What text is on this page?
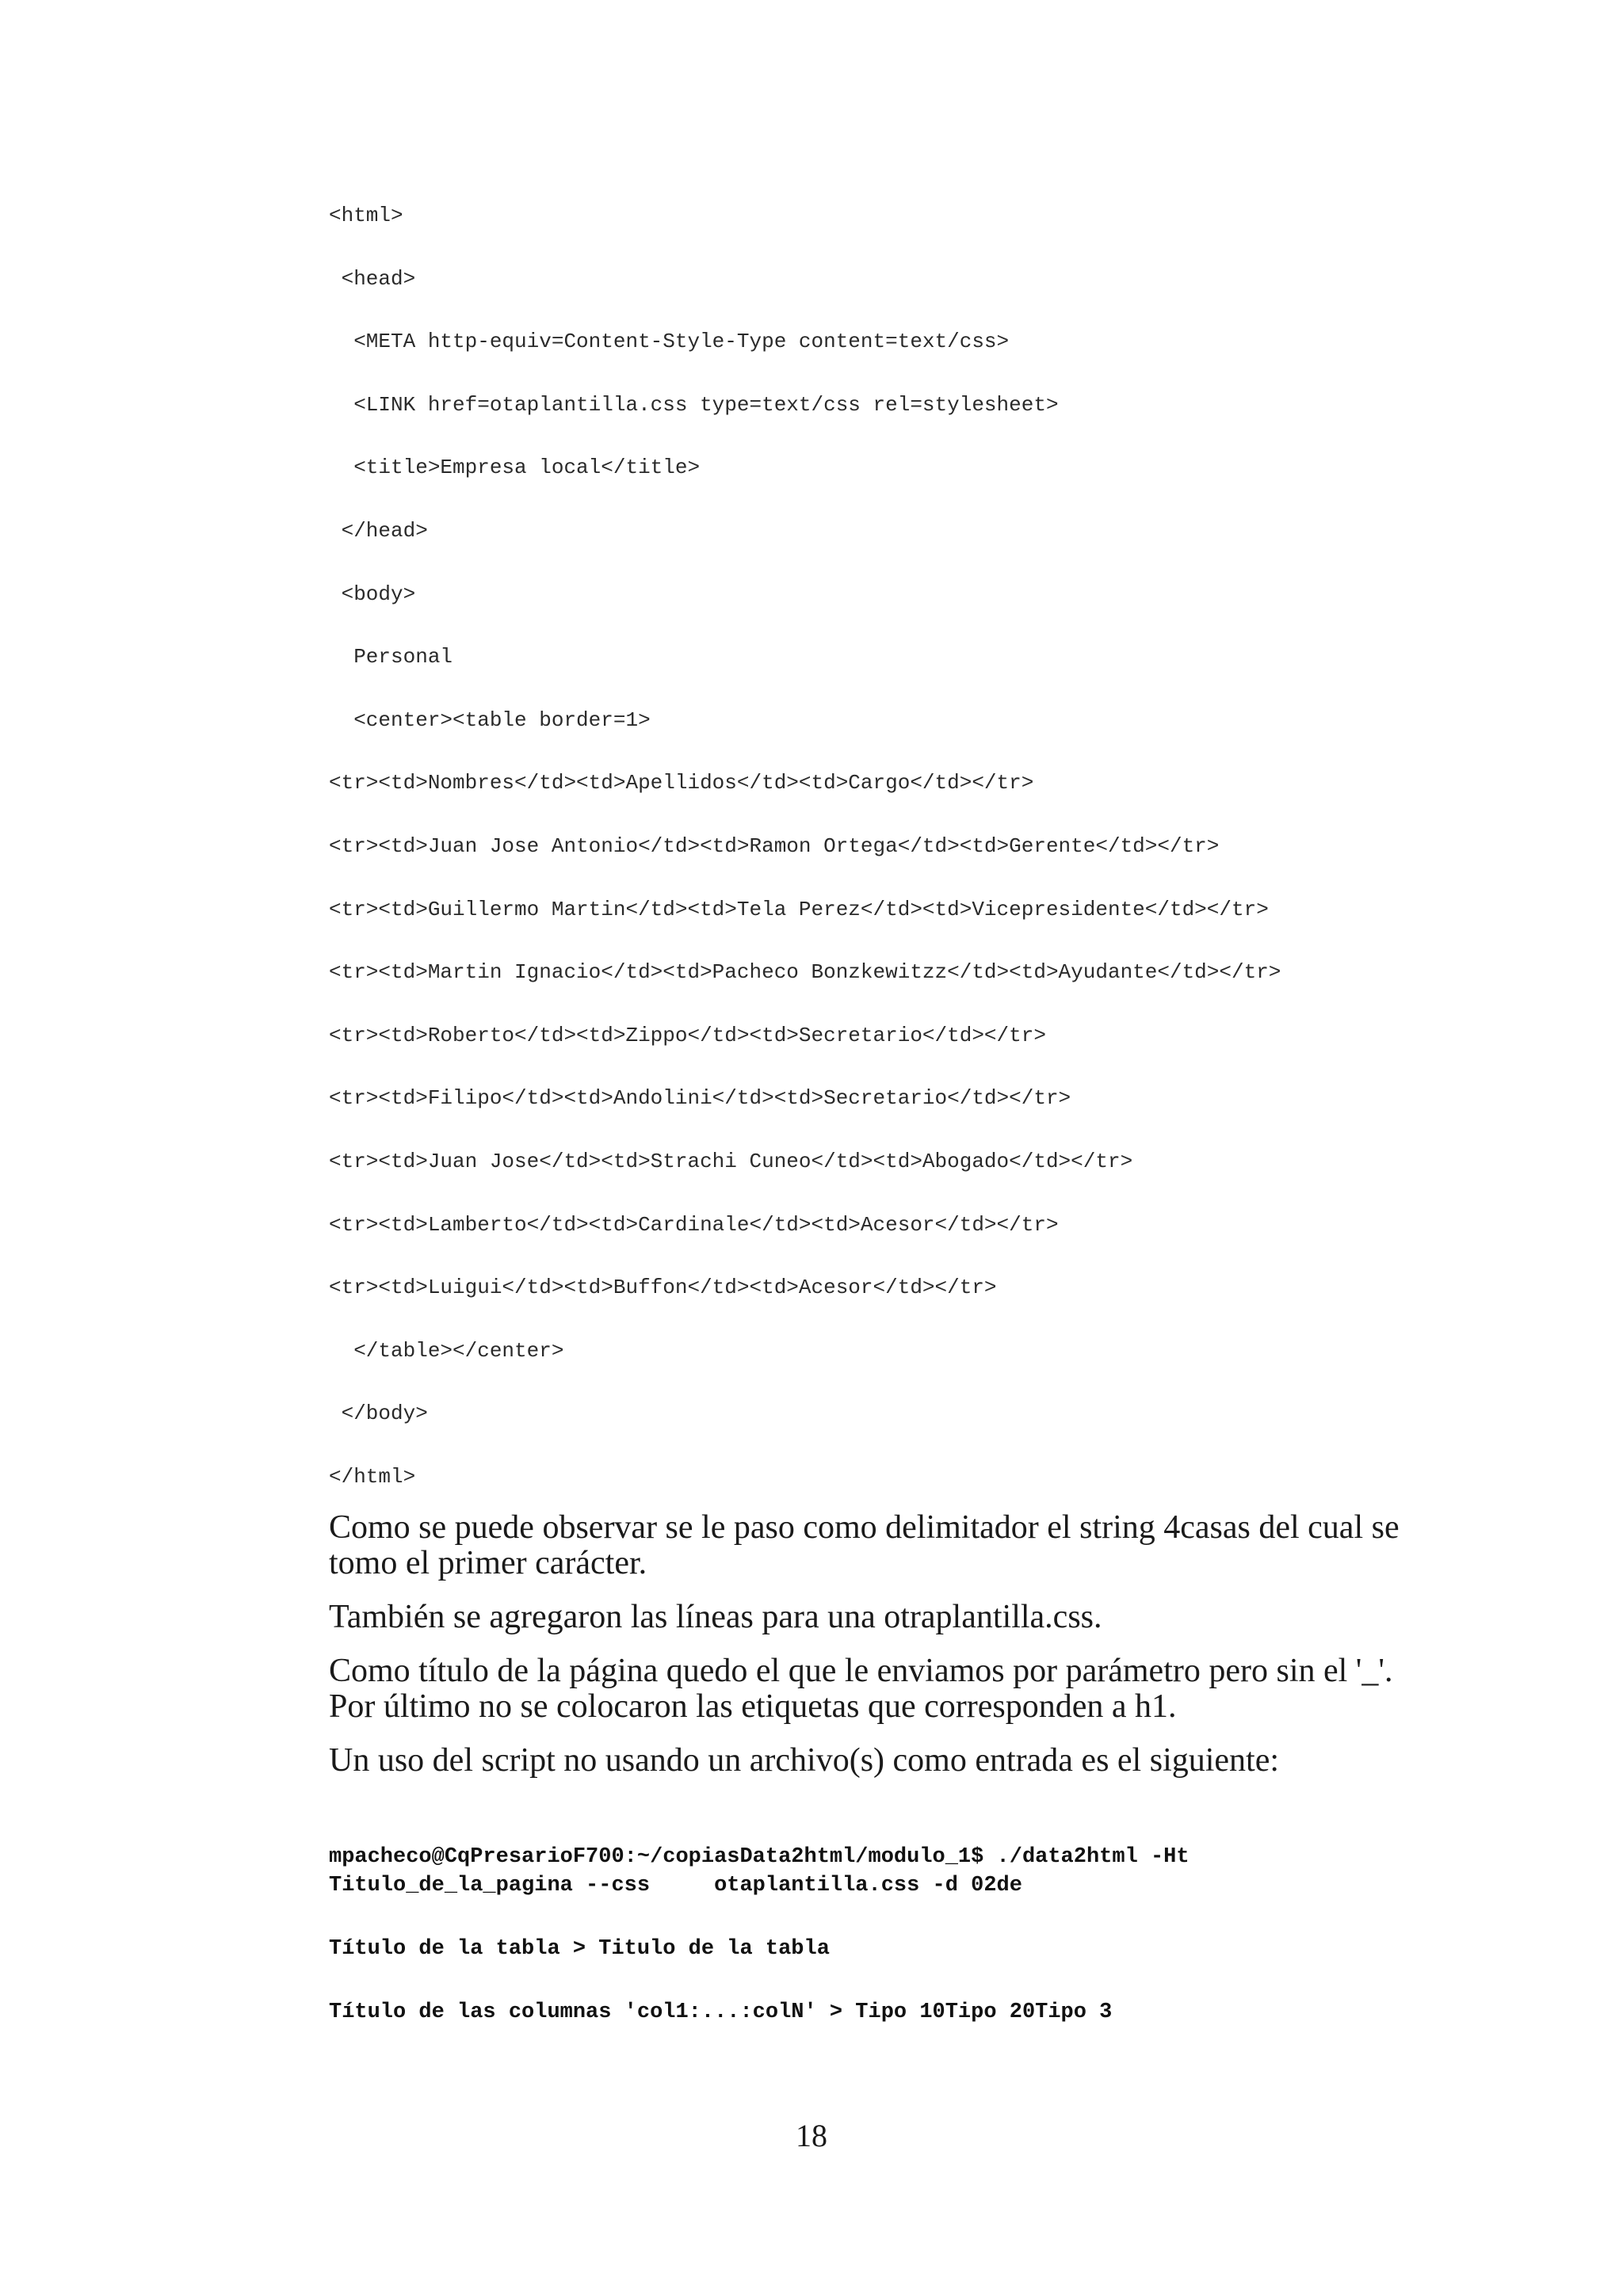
<html>
<head>
<META http-equiv=Content-Style-Type content=text/css>
<LINK href=otaplantilla.css type=text/css rel=stylesheet>
<title>Empresa local</title>
</head>
<body>
Personal
<center><table border=1>
<tr><td>Nombres</td><td>Apellidos</td><td>Cargo</td></tr>
<tr><td>Juan Jose Antonio</td><td>Ramon Ortega</td><td>Gerente</td></tr>
<tr><td>Guillermo Martin</td><td>Tela Perez</td><td>Vicepresidente</td></tr>
<tr><td>Martin Ignacio</td><td>Pacheco Bonzkewitzz</td><td>Ayudante</td></tr>
<tr><td>Roberto</td><td>Zippo</td><td>Secretario</td></tr>
<tr><td>Filipo</td><td>Andolini</td><td>Secretario</td></tr>
<tr><td>Juan Jose</td><td>Strachi Cuneo</td><td>Abogado</td></tr>
<tr><td>Lamberto</td><td>Cardinale</td><td>Acesor</td></tr>
<tr><td>Luigui</td><td>Buffon</td><td>Acesor</td></tr>
</table></center>
</body>
</html>

Como se puede observar se le paso como delimitador el string 4casas del cual se tomo el primer carácter.

También se agregaron las líneas para una otraplantilla.css.

Como título de la página quedo el que le enviamos por parámetro pero sin el '_'. Por último no se colocaron las etiquetas que corresponden a h1.

Un uso del script no usando un archivo(s) como entrada es el siguiente:

mpacheco@CqPresarioF700:~/copiasData2html/modulo_1$ ./data2html -Ht
Titulo_de_la_pagina --css     otaplantilla.css -d 02de
Título de la tabla > Titulo de la tabla
Título de las columnas 'col1:...:colN' > Tipo 10Tipo 20Tipo 3
18
